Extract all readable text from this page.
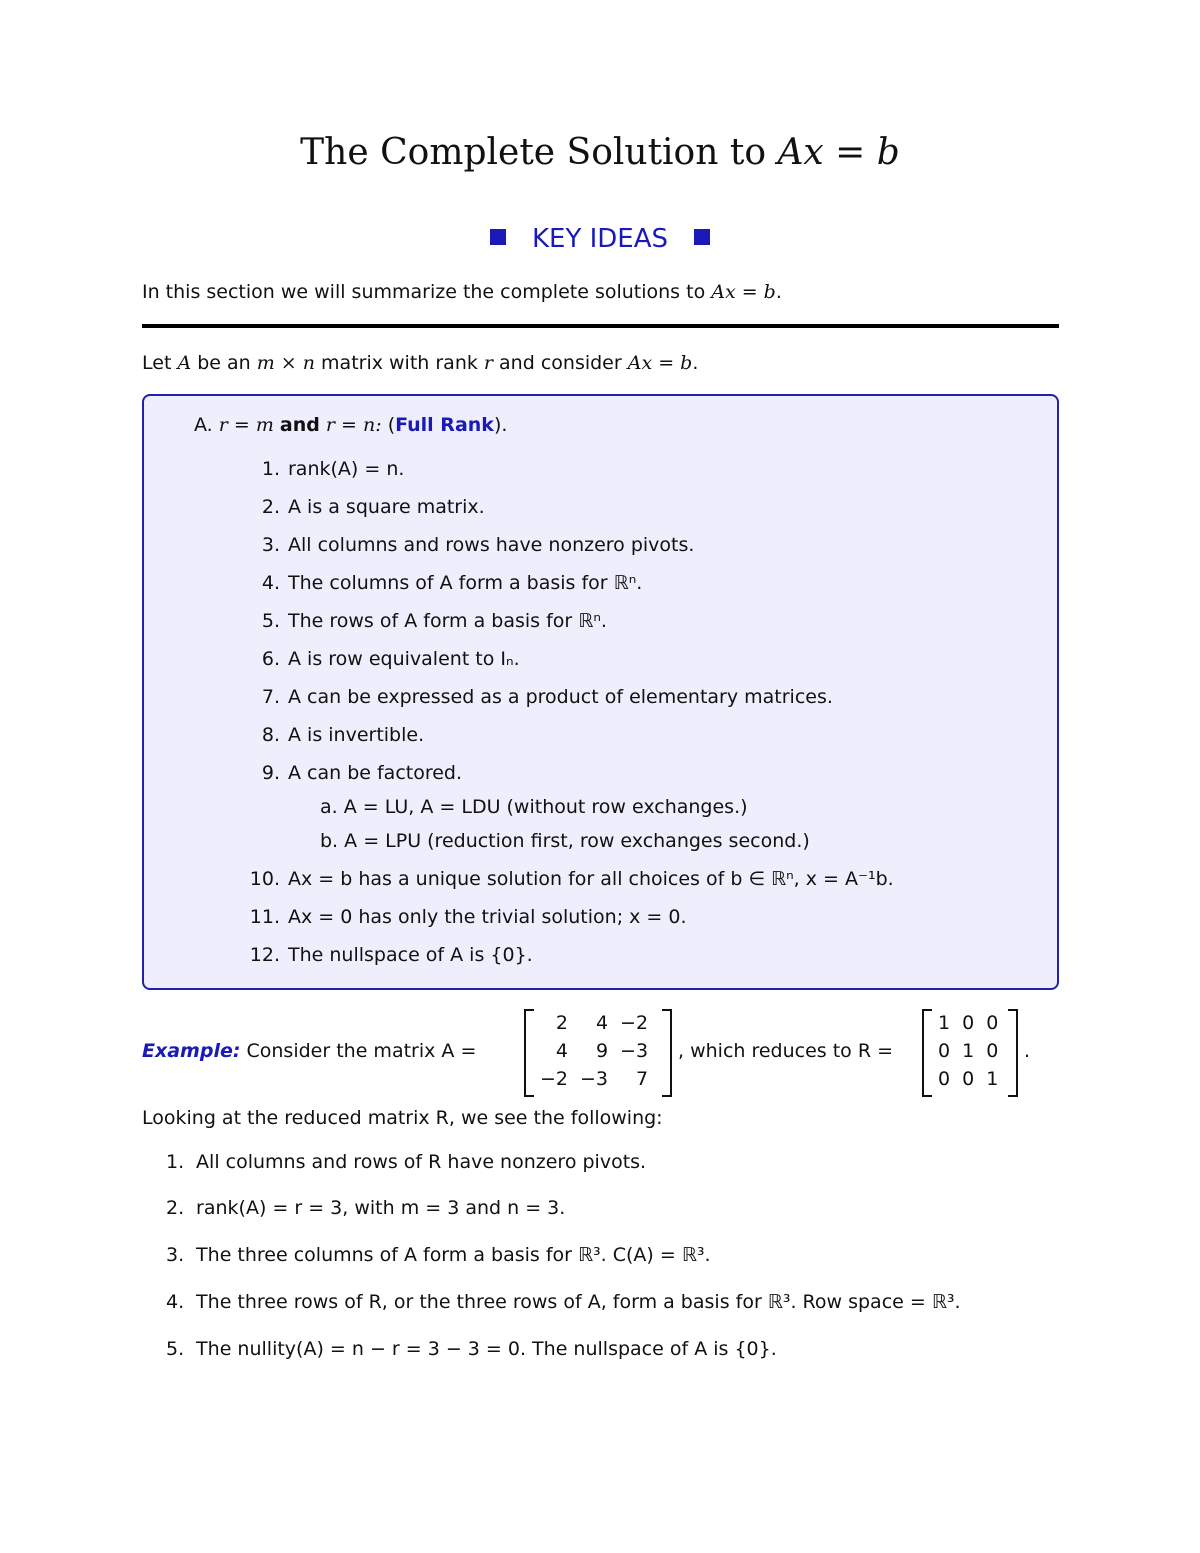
The Complete Solution to Ax = b
KEY IDEAS
In this section we will summarize the complete solutions to Ax = b.
Let A be an m × n matrix with rank r and consider Ax = b.
A. r = m and r = n: (Full Rank).
1. rank(A) = n.
2. A is a square matrix.
3. All columns and rows have nonzero pivots.
4. The columns of A form a basis for ℝⁿ.
5. The rows of A form a basis for ℝⁿ.
6. A is row equivalent to Iₙ.
7. A can be expressed as a product of elementary matrices.
8. A is invertible.
9. A can be factored.
a. A = LU, A = LDU (without row exchanges.)
b. A = LPU (reduction first, row exchanges second.)
10. Ax = b has a unique solution for all choices of b ∈ ℝⁿ, x = A⁻¹b.
11. Ax = 0 has only the trivial solution; x = 0.
12. The nullspace of A is {0}.
Example: Consider the matrix A =
2	4	−2
4	9	−3
−2	−3	7
, which reduces to R =
1	0	0
0	1	0
0	0	1
.
Looking at the reduced matrix R, we see the following:
1. All columns and rows of R have nonzero pivots.
2. rank(A) = r = 3, with m = 3 and n = 3.
3. The three columns of A form a basis for ℝ³. C(A) = ℝ³.
4. The three rows of R, or the three rows of A, form a basis for ℝ³. Row space = ℝ³.
5. The nullity(A) = n − r = 3 − 3 = 0. The nullspace of A is {0}.
